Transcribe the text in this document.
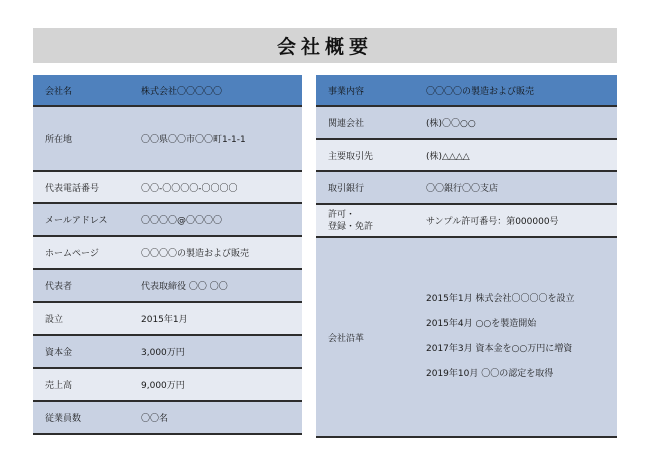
会社概要
会社名	株式会社〇〇〇〇〇
所在地	〇〇県〇〇市〇〇町1-1-1
代表電話番号	〇〇-〇〇〇〇-〇〇〇〇
メールアドレス	〇〇〇〇@〇〇〇〇
ホームページ	〇〇〇〇の製造および販売
代表者	代表取締役 〇〇 〇〇
設立	2015年1月
資本金	3,000万円
売上高	9,000万円
従業員数	〇〇名
事業内容	〇〇〇〇の製造および販売
関連会社	(株)〇〇○○
主要取引先	(株)△△△△
取引銀行	〇〇銀行〇〇支店

許可・
登録・免許	サンプル許可番号：第000000号
会社沿革	2015年1月 株式会社〇〇〇〇を設立
2015年4月 ○○を製造開始
2017年3月 資本金を○○万円に増資
2019年10月 〇〇の認定を取得
